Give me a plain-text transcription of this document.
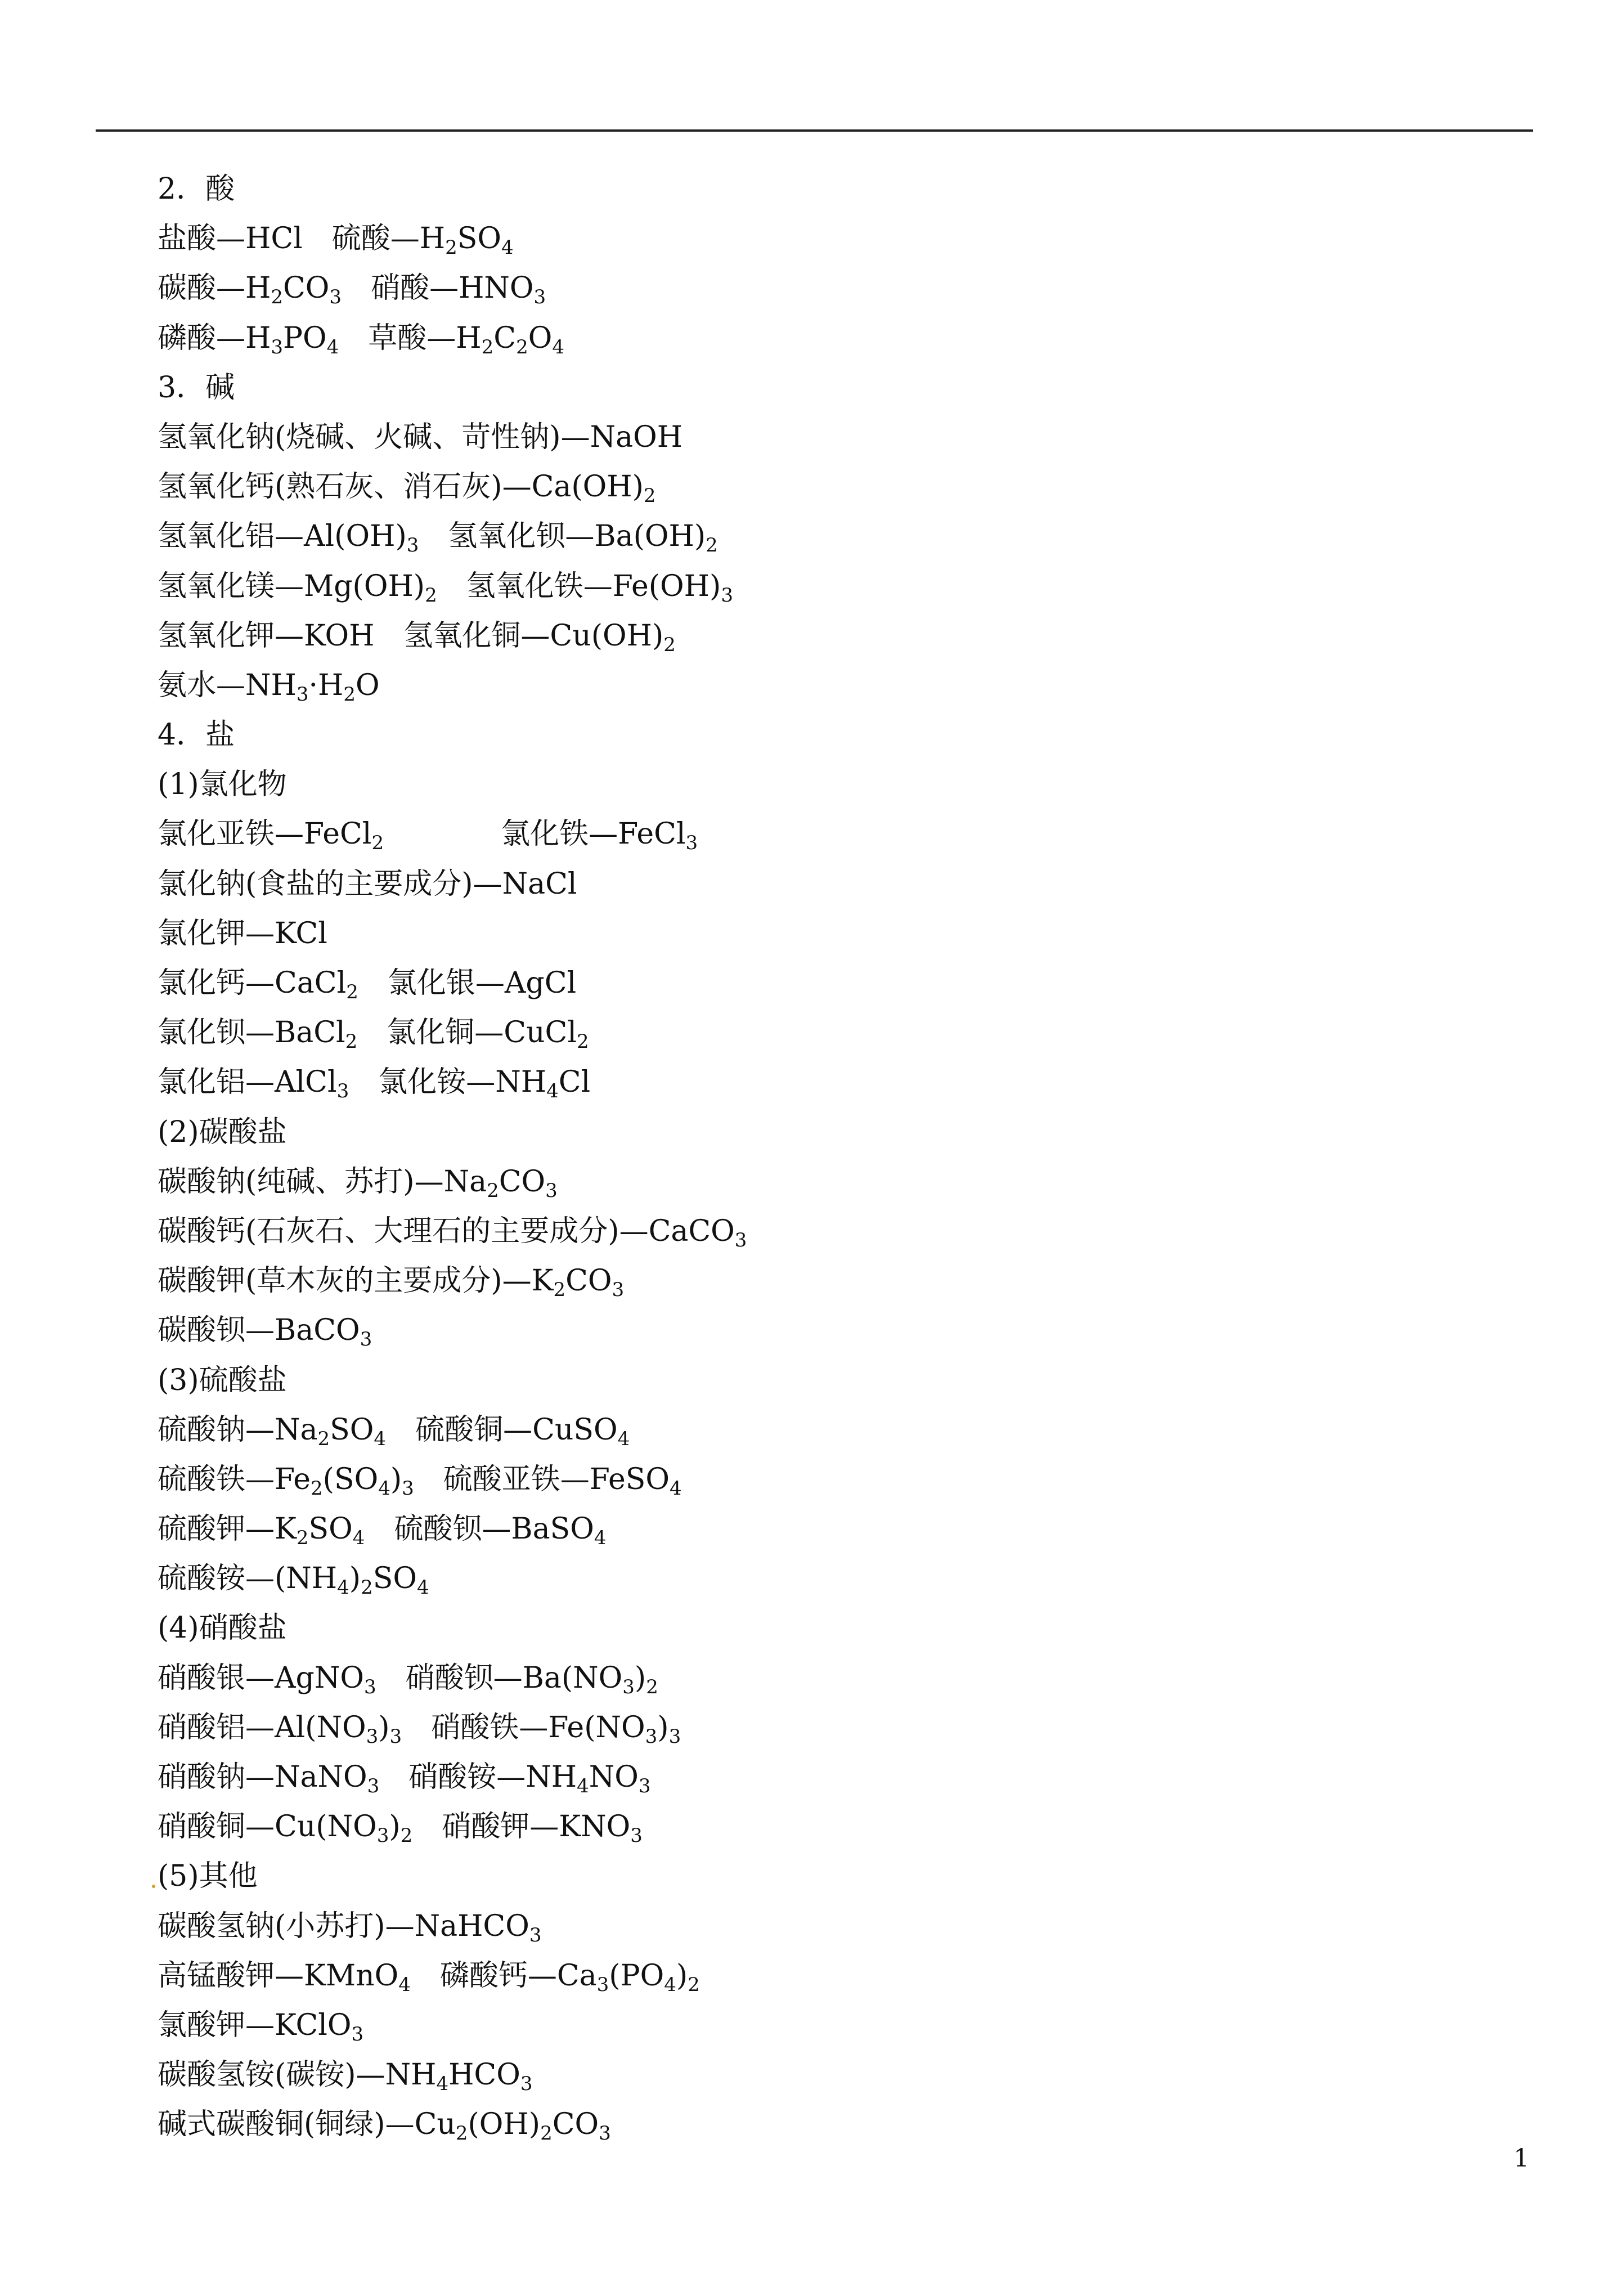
2．酸
盐酸—HCl　硫酸$—H_2SO_4$
碳酸$—H_2CO_3$　硝酸$—HNO_3$
磷酸$—H_3PO_4$　草酸$—H_2C_2O_4$
3．碱
氢氧化钠(烧碱、火碱、苛性钠)—NaOH
氢氧化钙(熟石灰、消石灰)$—Ca(OH)_2$
氢氧化铝$—Al(OH)_3$　氢氧化钡$—Ba(OH)_2$
氢氧化镁$—Mg(OH)_2$　氢氧化铁$—Fe(OH)_3$
氢氧化钾—KOH　氢氧化铜$—Cu(OH)_2$
氨水$—NH_3\cdot H_2O$
4．盐
(1)氯化物
氯化亚铁—FeCl$_2$　　　　氯化铁—FeCl$_3$
氯化钠(食盐的主要成分)—NaCl
氯化钾—KCl
氯化钙—CaCl$_2$　氯化银—AgCl
氯化钡—BaCl$_2$　氯化铜—CuCl$_2$
氯化铝—AlCl$_3$　氯化铵$—NH_4Cl$
(2)碳酸盐
碳酸钠(纯碱、苏打)$—Na_2CO_3$
碳酸钙(石灰石、大理石的主要成分)—CaCO$_3$
碳酸钾(草木灰的主要成分)$—K_2CO_3$
碳酸钡—BaCO$_3$
(3)硫酸盐
硫酸钠$—Na_2SO_4$　硫酸铜—CuSO$_4$
硫酸铁$—Fe_2(SO_4)_3$　硫酸亚铁—FeSO$_4$
硫酸钾$—K_2SO_4$　硫酸钡—BaSO$_4$
硫酸铵$—(NH_4)_2SO_4$
(4)硝酸盐
硝酸银—AgNO$_3$　硝酸钡$—Ba(NO_3)_2$
硝酸铝$—Al(NO_3)_3$　硝酸铁$—Fe(NO_3)_3$
硝酸钠—NaNO$_3$　硝酸铵$—NH_4NO_3$
硝酸铜$—Cu(NO_3)_2$　硝酸钾$—KNO_3$
(5)其他
碳酸氢钠(小苏打)—NaHCO$_3$
高锰酸钾—KMnO$_4$　磷酸钙$—Ca_3(PO_4)_2$
氯酸钾—KClO$_3$
碳酸氢铵(碳铵)$—NH_4HCO_3$
碱式碳酸铜(铜绿)$—Cu_2(OH)_2CO_3$
1
